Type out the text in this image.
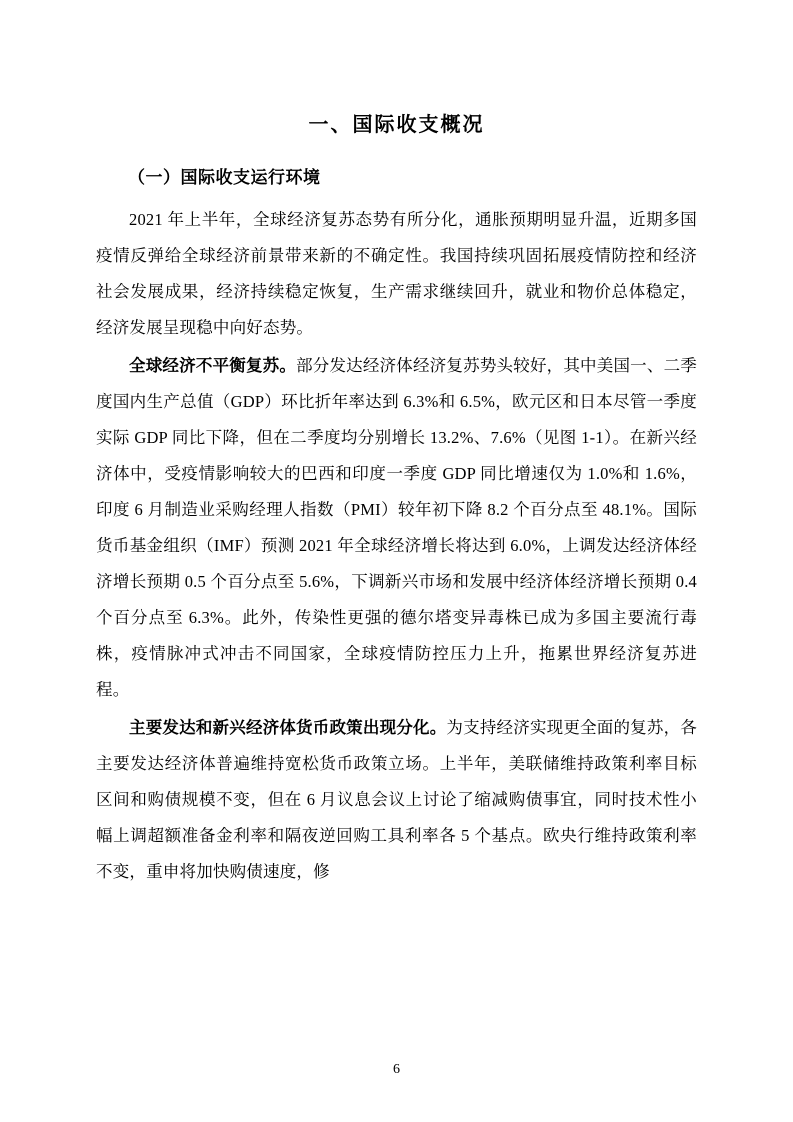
一、国际收支概况
（一）国际收支运行环境

2021 年上半年，全球经济复苏态势有所分化，通胀预期明显升温，近期多国疫情反弹给全球经济前景带来新的不确定性。我国持续巩固拓展疫情防控和经济社会发展成果，经济持续稳定恢复，生产需求继续回升，就业和物价总体稳定，经济发展呈现稳中向好态势。

全球经济不平衡复苏。部分发达经济体经济复苏势头较好，其中美国一、二季度国内生产总值（GDP）环比折年率达到 6.3%和 6.5%，欧元区和日本尽管一季度实际 GDP 同比下降，但在二季度均分别增长 13.2%、7.6%（见图 1-1）。在新兴经济体中，受疫情影响较大的巴西和印度一季度 GDP 同比增速仅为 1.0%和 1.6%，印度 6 月制造业采购经理人指数（PMI）较年初下降 8.2 个百分点至 48.1%。国际货币基金组织（IMF）预测 2021 年全球经济增长将达到 6.0%，上调发达经济体经济增长预期 0.5 个百分点至 5.6%，下调新兴市场和发展中经济体经济增长预期 0.4 个百分点至 6.3%。此外，传染性更强的德尔塔变异毒株已成为多国主要流行毒株，疫情脉冲式冲击不同国家，全球疫情防控压力上升，拖累世界经济复苏进程。

主要发达和新兴经济体货币政策出现分化。为支持经济实现更全面的复苏，各主要发达经济体普遍维持宽松货币政策立场。上半年，美联储维持政策利率目标区间和购债规模不变，但在 6 月议息会议上讨论了缩减购债事宜，同时技术性小幅上调超额准备金利率和隔夜逆回购工具利率各 5 个基点。欧央行维持政策利率不变，重申将加快购债速度，修

6
